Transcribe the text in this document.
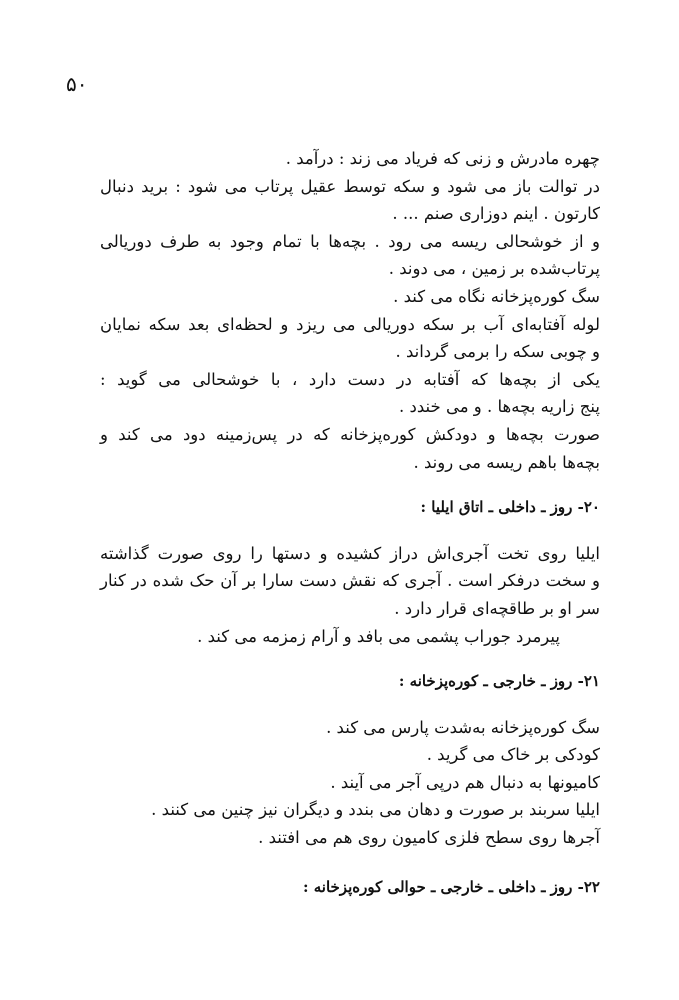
۵۰
چهره مادرش و زنی که فریاد می زند : درآمد .
در توالت باز می شود و سکه توسط عقیل پرتاب می شود : برید دنبال
کارتون . اینم دوزاری صنم ... .
و از خوشحالی ریسه می رود . بچه‌ها با تمام وجود به طرف دوریالی
پرتاب‌شده بر زمین ، می دوند .
سگ کوره‌پزخانه نگاه می کند .
لوله آفتابه‌ای آب بر سکه دوریالی می ریزد و لحظه‌ای بعد سکه نمایان
و چوبی سکه را برمی گرداند .
یکی از بچه‌ها که آفتابه در دست دارد ، با خوشحالی می گوید :
پنج زاریه بچه‌ها . و می خندد .
صورت بچه‌ها و دودکش کوره‌پزخانه که در پس‌زمینه دود می کند و
بچه‌ها باهم ریسه می روند .
۲۰- روز ـ داخلی ـ اتاق ایلیا :
ایلیا روی تخت آجری‌اش دراز کشیده و دستها را روی صورت گذاشته
و سخت درفکر است . آجری که نقش دست سارا بر آن حک شده در کنار
سر او بر طاقچه‌ای قرار دارد .
پیرمرد جوراب پشمی می بافد و آرام زمزمه می کند .
۲۱- روز ـ خارجی ـ کوره‌پزخانه :
سگ کوره‌پزخانه به‌شدت پارس می کند .
کودکی بر خاک می گرید .
کامیونها به دنبال هم درپی آجر می آیند .
ایلیا سربند بر صورت و دهان می بندد و دیگران نیز چنین می کنند .
آجرها روی سطح فلزی کامیون روی هم می افتند .
۲۲- روز ـ داخلی ـ خارجی ـ حوالی کوره‌پزخانه :
